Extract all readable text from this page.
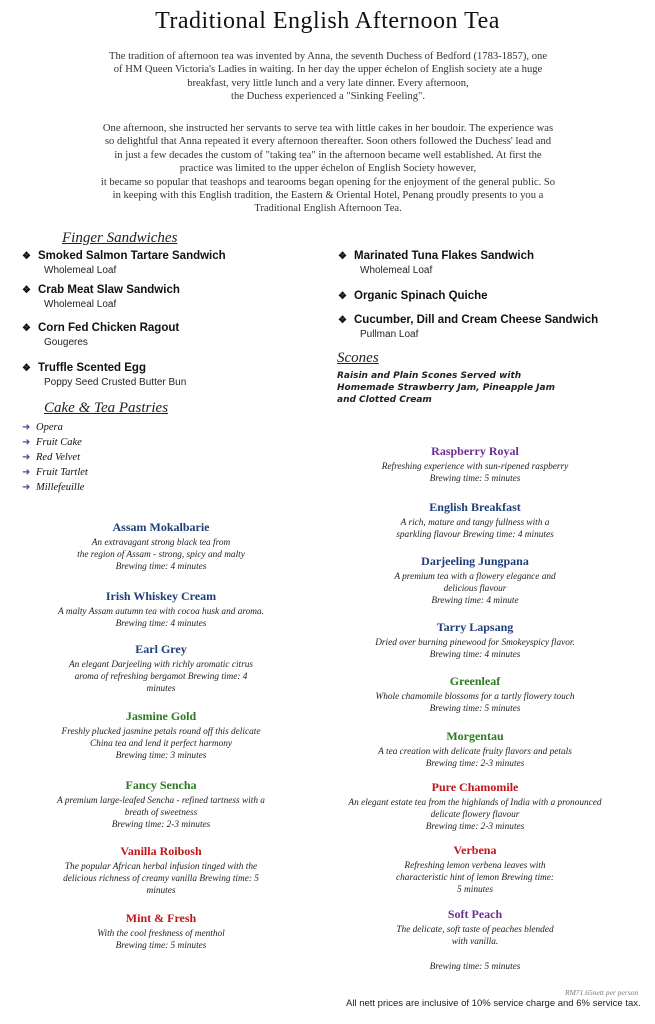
Traditional English Afternoon Tea

The tradition of afternoon tea was invented by Anna, the seventh Duchess of Bedford (1783-1857), one

of HM Queen Victoria's Ladies in waiting. In her day the upper échelon of English society ate a huge

breakfast, very little lunch and a very late dinner. Every afternoon,

the Duchess experienced a "Sinking Feeling".

One afternoon, she instructed her servants to serve tea with little cakes in her boudoir. The experience was

so delightful that Anna repeated it every afternoon thereafter. Soon others followed the Duchess' lead and

in just a few decades the custom of "taking tea" in the afternoon became well established. At first the

practice was limited to the upper échelon of English Society however,

it became so popular that teashops and tearooms began opening for the enjoyment of the general public. So

in keeping with this English tradition, the Eastern & Oriental Hotel, Penang proudly presents to you a

Traditional English Afternoon Tea.

Finger Sandwiches
❖ Smoked Salmon Tartare Sandwich
Wholemeal Loaf
❖ Crab Meat Slaw Sandwich
Wholemeal Loaf
❖ Corn Fed Chicken Ragout
Gougeres
❖ Truffle Scented Egg
Poppy Seed Crusted Butter Bun
❖ Marinated Tuna Flakes Sandwich
Wholemeal Loaf
❖ Organic Spinach Quiche
❖ Cucumber, Dill and Cream Cheese Sandwich
Pullman Loaf
Scones
Raisin and Plain Scones Served with
Homemade Strawberry Jam, Pineapple Jam
and Clotted Cream
Cake & Tea Pastries
➜ Opera
➜ Fruit Cake
➜ Red Velvet
➜ Fruit Tartlet
➜ Millefeuille
Assam Mokalbarie
An extravagant strong black tea from
the region of Assam - strong, spicy and malty
Brewing time: 4 minutes
Irish Whiskey Cream
A malty Assam autumn tea with cocoa husk and aroma.
Brewing time: 4 minutes
Earl Grey
An elegant Darjeeling with richly aromatic citrus
aroma of refreshing bergamot Brewing time: 4
minutes
Jasmine Gold
Freshly plucked jasmine petals round off this delicate
China tea and lend it perfect harmony
Brewing time: 3 minutes
Fancy Sencha
A premium large-leafed Sencha - refined tartness with a
breath of sweetness
Brewing time: 2-3 minutes
Vanilla Roibosh
The popular African herbal infusion tinged with the
delicious richness of creamy vanilla Brewing time: 5
minutes
Mint & Fresh
With the cool freshness of menthol
Brewing time: 5 minutes
Raspberry Royal
Refreshing experience with sun-ripened raspberry
Brewing time: 5 minutes
English Breakfast
A rich, mature and tangy fullness with a
sparkling flavour Brewing time: 4 minutes
Darjeeling Jungpana
A premium tea with a flowery elegance and
delicious flavour
Brewing time: 4 minute
Tarry Lapsang
Dried over burning pinewood for Smokeyspicy flavor.
Brewing time: 4 minutes
Greenleaf
Whole chamomile blossoms for a tartly flowery touch
Brewing time: 5 minutes
Morgentau
A tea creation with delicate fruity flavors and petals
Brewing time: 2-3 minutes
Pure Chamomile
An elegant estate tea from the highlands of India with a pronounced
delicate flowery flavour
Brewing time: 2-3 minutes
Verbena
Refreshing lemon verbena leaves with
characteristic hint of lemon Brewing time:
5 minutes
Soft Peach
The delicate, soft taste of peaches blended
with vanilla.

Brewing time: 5 minutes
RM71.65nett per person
All nett prices are inclusive of 10% service charge and 6% service tax.
